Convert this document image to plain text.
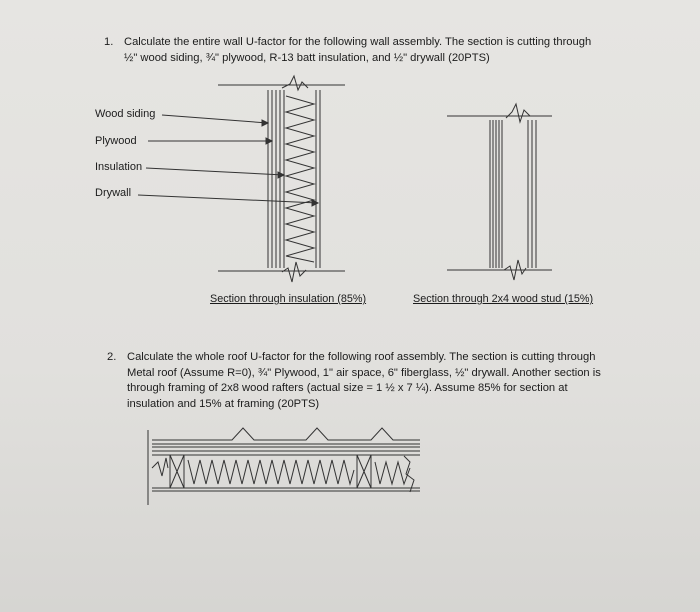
1. Calculate the entire wall U-factor for the following wall assembly. The section is cutting through
½" wood siding, ¾" plywood, R-13 batt insulation, and ½" drywall (20PTS)
Wood siding
Plywood
Insulation
Drywall
Section through insulation (85%)	Section through 2x4 wood stud (15%)
2. Calculate the whole roof U-factor for the following roof assembly. The section is cutting through
Metal roof (Assume R=0), ¾" Plywood, 1" air space, 6" fiberglass, ½" drywall. Another section is
through framing of 2x8 wood rafters (actual size = 1 ½ x 7 ¼). Assume 85% for section at
insulation and 15% at framing (20PTS)
